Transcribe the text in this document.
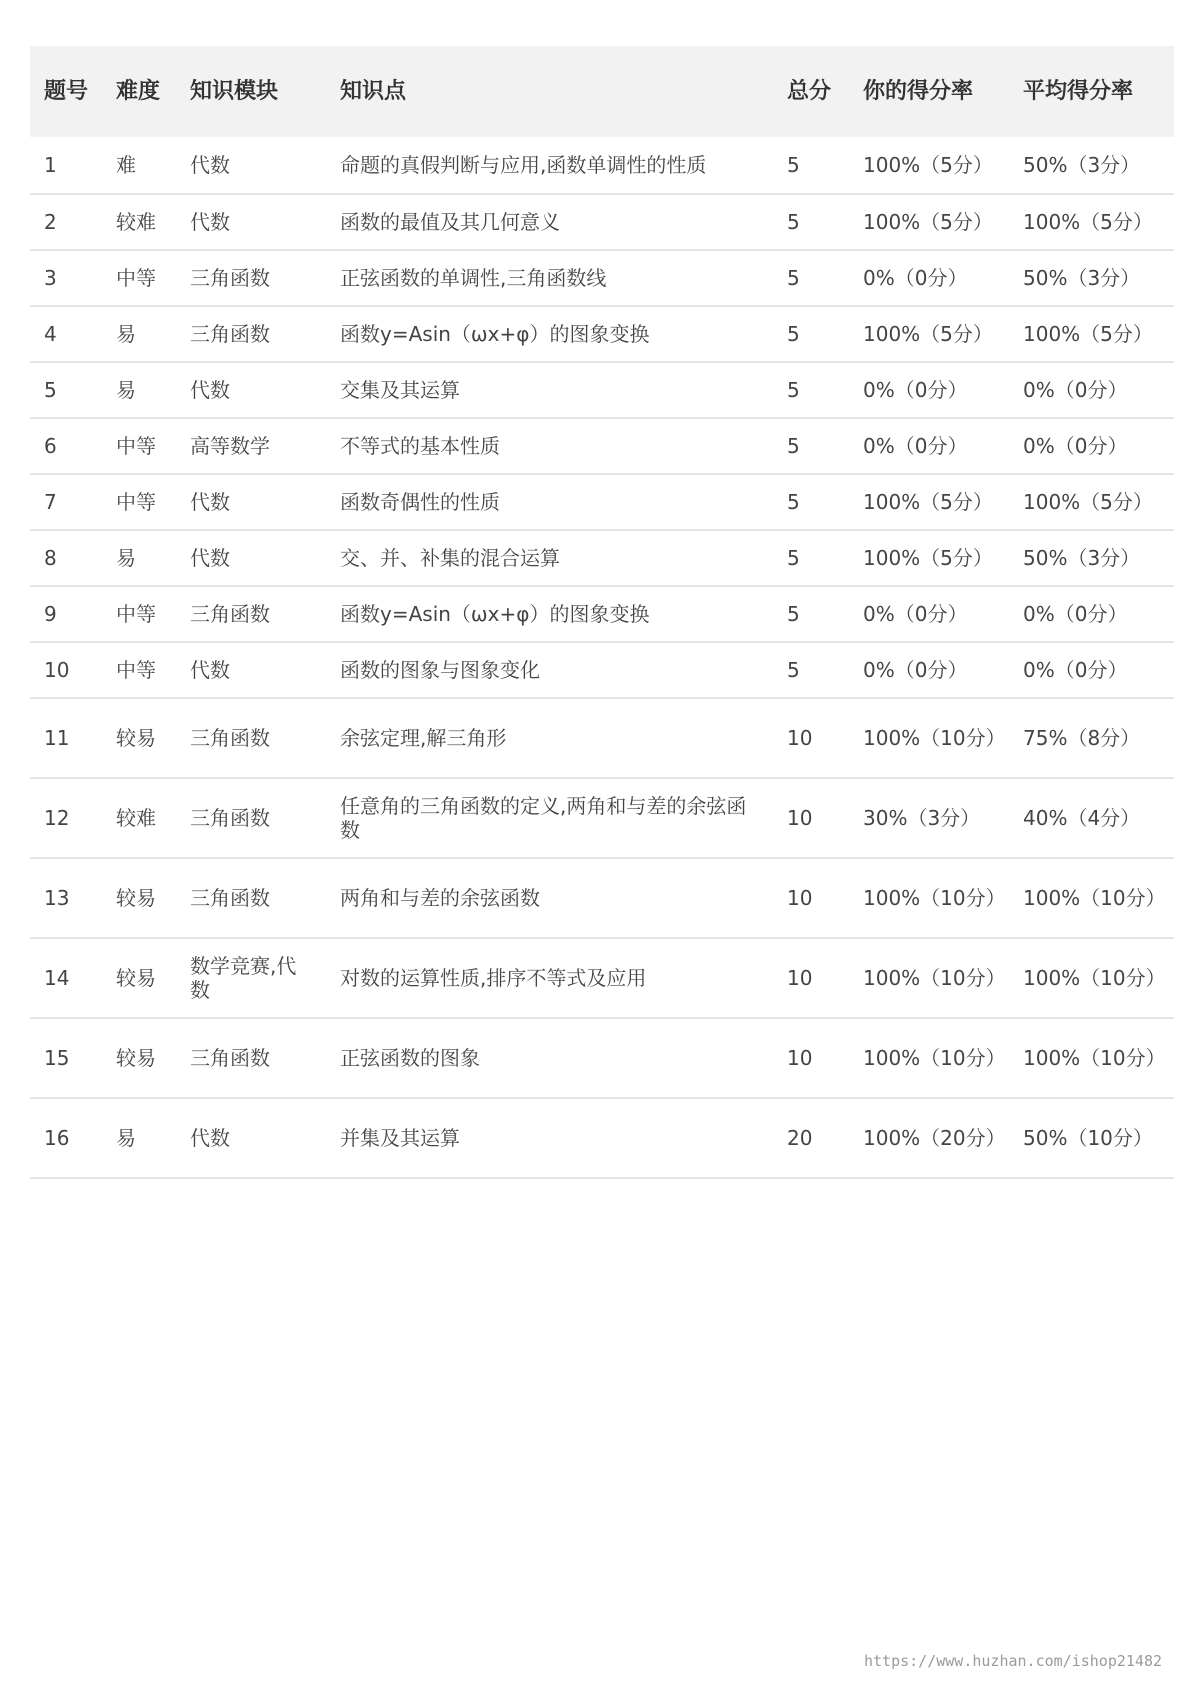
题号	难度	知识模块	知识点	总分	你的得分率	平均得分率
1	难	代数	命题的真假判断与应用,函数单调性的性质	5	100%（5分）	50%（3分）
2	较难	代数	函数的最值及其几何意义	5	100%（5分）	100%（5分）
3	中等	三角函数	正弦函数的单调性,三角函数线	5	0%（0分）	50%（3分）
4	易	三角函数	函数y=Asin（ωx+φ）的图象变换	5	100%（5分）	100%（5分）
5	易	代数	交集及其运算	5	0%（0分）	0%（0分）
6	中等	高等数学	不等式的基本性质	5	0%（0分）	0%（0分）
7	中等	代数	函数奇偶性的性质	5	100%（5分）	100%（5分）
8	易	代数	交、并、补集的混合运算	5	100%（5分）	50%（3分）
9	中等	三角函数	函数y=Asin（ωx+φ）的图象变换	5	0%（0分）	0%（0分）
10	中等	代数	函数的图象与图象变化	5	0%（0分）	0%（0分）
11	较易	三角函数	余弦定理,解三角形	10	100%（10分）	75%（8分）
12	较难	三角函数	任意角的三角函数的定义,两角和与差的余弦函数	10	30%（3分）	40%（4分）
13	较易	三角函数	两角和与差的余弦函数	10	100%（10分）	100%（10分）
14	较易	数学竞赛,代数	对数的运算性质,排序不等式及应用	10	100%（10分）	100%（10分）
15	较易	三角函数	正弦函数的图象	10	100%（10分）	100%（10分）
16	易	代数	并集及其运算	20	100%（20分）	50%（10分）
https://www.huzhan.com/ishop21482
